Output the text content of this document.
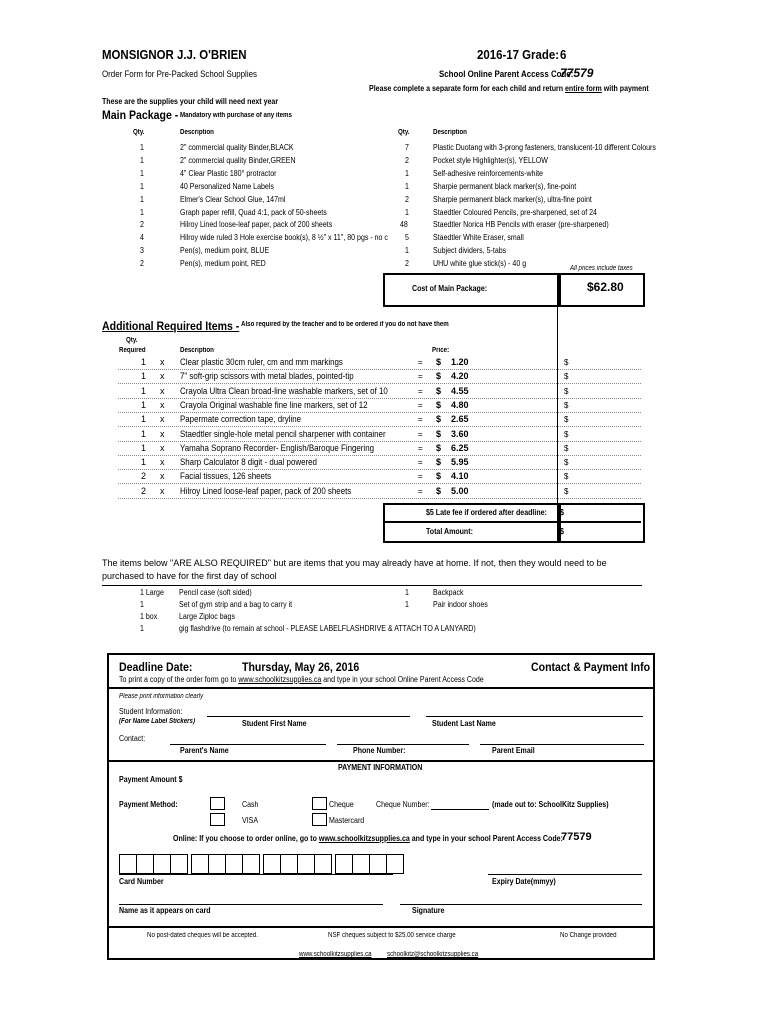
MONSIGNOR J.J. O'BRIEN	2016-17 Grade: 6
Order Form for Pre-Packed School Supplies	School Online Parent Access Code:
77579
Please complete a separate form for each child and return entire form with payment
These are the supplies your child will need next year
Main Package - Mandatory with purchase of any items
Qty.	Description	Qty.	Description
1	2" commercial quality Binder,BLACK
1	2" commercial quality Binder,GREEN
1	4" Clear Plastic 180° protractor
1	40 Personalized Name Labels
1	Elmer's Clear School Glue, 147ml
1	Graph paper refill, Quad 4:1, pack of 50-sheets
2	Hilroy Lined loose-leaf paper, pack of 200 sheets
4	Hilroy wide ruled 3 Hole exercise book(s), 8 ½" x 11", 80 pgs - no c
3	Pen(s), medium point, BLUE
2	Pen(s), medium point, RED
7	Plastic Duotang with 3-prong fasteners, translucent-10 different Colours
2	Pocket style Highlighter(s), YELLOW
1	Self-adhesive reinforcements-white
1	Sharpie permanent black marker(s), fine-point
2	Sharpie permanent black marker(s), ultra-fine point
1	Staedtler Coloured Pencils, pre-sharpened, set of 24
48	Staedtler Norica HB Pencils with eraser (pre-sharpened)
5	Staedtler White Eraser, small
1	Subject dividers, 5-tabs
2	UHU white glue stick(s) - 40 g
All prices include taxes
Cost of Main Package:	$62.80
Additional Required Items - Also required by the teacher and to be ordered if you do not have them
Qty.
Required	Description	Price:
1 x Clear plastic 30cm ruler, cm and mm markings	= $ 1.20	$
1 x 7" soft-grip scissors with metal blades, pointed-tip	= $ 4.20	$
1 x Crayola Ultra Clean broad-line washable markers, set of 10	= $ 4.55	$
1 x Crayola Original washable fine line markers, set of 12	= $ 4.80	$
1 x Papermate correction tape, dryline	= $ 2.65	$
1 x Staedtler single-hole metal pencil sharpener with container	= $ 3.60	$
1 x Yamaha Soprano Recorder- English/Baroque Fingering	= $ 6.25	$
1 x Sharp Calculator 8 digit - dual powered	= $ 5.95	$
2 x Facial tissues, 126 sheets	= $ 4.10	$
2 x Hilroy Lined loose-leaf paper, pack of 200 sheets	= $ 5.00	$
$5 Late fee if ordered after deadline: $
Total Amount:	$
The items below "ARE ALSO REQUIRED" but are items that you may already have at home. If not, then they would need to be
purchased to have for the first day of school
1 Large Pencil case (soft sided)
1	Set of gym strip and a bag to carry it
1 box	Large Ziploc bags
1	gig flashdrive (to remain at school - PLEASE LABELFLASHDRIVE & ATTACH TO A LANYARD)
1	Backpack
1	Pair indoor shoes
Deadline Date:	Thursday, May 26, 2016	Contact & Payment Info
To print a copy of the order form go to www.schoolkitzsupplies.ca and type in your school Online Parent Access Code
Please print information clearly
Student Information:
(For Name Label Stickers)	Student First Name	Student Last Name
Contact:
Parent's Name	Phone Number:	Parent Email
PAYMENT INFORMATION
Payment Amount $
Payment Method:	Cash	Cheque	Cheque Number:	(made out to: SchoolKitz Supplies)
VISA	Mastercard
Online: If you choose to order online, go to www.schoolkitzsupplies.ca and type in your school Parent Access Code:
77579
Card Number	Expiry Date(mmyy)
Name as it appears on card	Signature
No post-dated cheques will be accepted.	NSF cheques subject to $25.00 service charge	No Change provided
www.schoolkitzsupplies.ca schoolkitz@schoolkitzsupplies.ca
